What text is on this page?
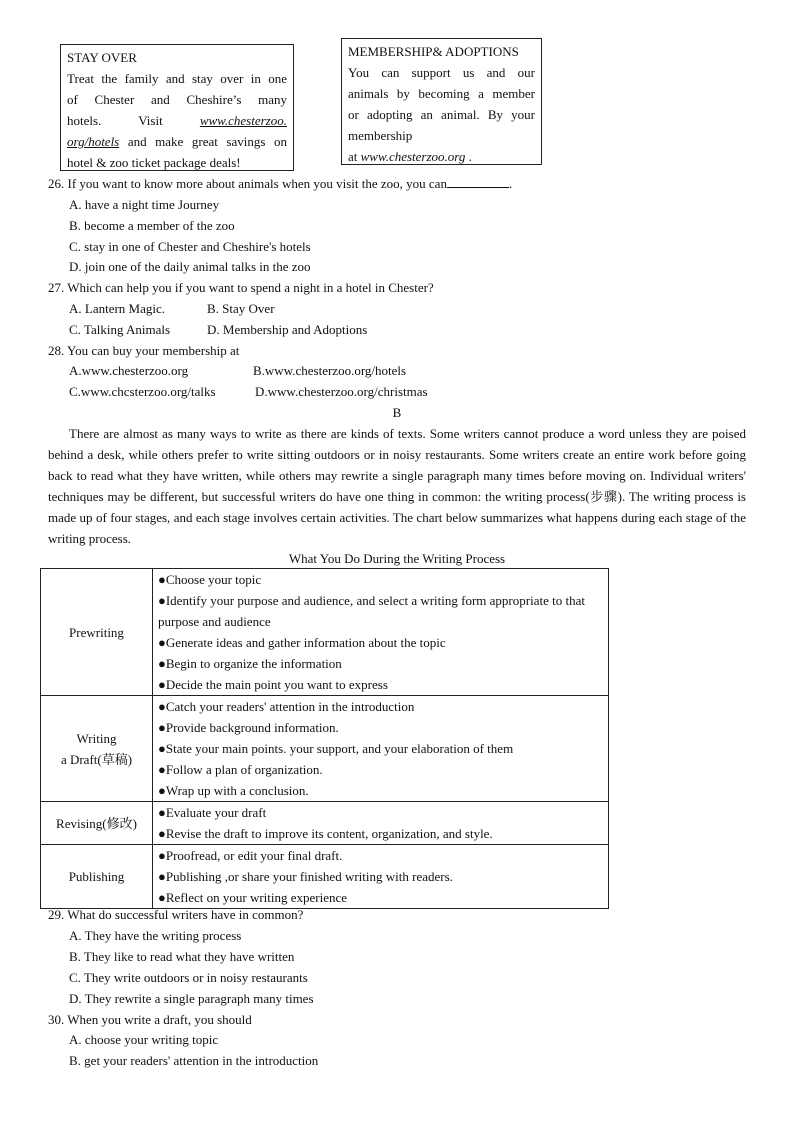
STAY OVER
Treat the family and stay over in one
of Chester and Cheshire’s many
hotels. Visit	www.chesterzoo.
org/hotels and make great savings on
hotel & zoo ticket package deals!
MEMBERSHIP& ADOPTIONS
You can support us and our
animals by becoming a member
or adopting an animal. By your
membership
at www.chesterzoo.org .
26. If you want to know more about animals when you visit the zoo, you can	.
A. have a night time Journey
B. become a member of the zoo
C. stay in one of Chester and Cheshire's hotels
D. join one of the daily animal talks in the zoo
27. Which can help you if you want to spend a night in a hotel in Chester?
A. Lantern Magic.	B. Stay Over
C. Talking Animals	D. Membership and Adoptions
28. You can buy your membership at
A.www.chesterzoo.org	B.www.chesterzoo.org/hotels
C.www.chcsterzoo.org/talks	D.www.chesterzoo.org/christmas
B
There are almost as many ways to write as there are kinds of texts. Some writers cannot produce a word unless they are poised behind a desk, while others prefer to write sitting outdoors or in noisy restaurants. Some writers create an entire work before going back to read what they have written, while others may rewrite a single paragraph many times before moving on. Individual writers' techniques may be different, but successful writers do have one thing in common: the writing process(步骤). The writing process is made up of four stages, and each stage involves certain activities. The chart below summarizes what happens during each stage of the writing process.
What You Do During the Writing Process
Prewriting	●Choose your topic
●Identify your purpose and audience, and select a writing form appropriate to that purpose and audience
●Generate ideas and gather information about the topic
●Begin to organize the information
●Decide the main point you want to express

Writing
a Draft(草稿)	●Catch your readers' attention in the introduction
●Provide background information.
●State your main points. your support, and your elaboration of them
●Follow a plan of organization.
●Wrap up with a conclusion.

Revising(修改)	●Evaluate your draft
●Revise the draft to improve its content, organization, and style.

Publishing	●Proofread, or edit your final draft.
●Publishing ,or share your finished writing with readers.
●Reflect on your writing experience
29. What do successful writers have in common?
A. They have the writing process
B. They like to read what they have written
C. They write outdoors or in noisy restaurants
D. They rewrite a single paragraph many times
30. When you write a draft, you should
A. choose your writing topic
B. get your readers' attention in the introduction
